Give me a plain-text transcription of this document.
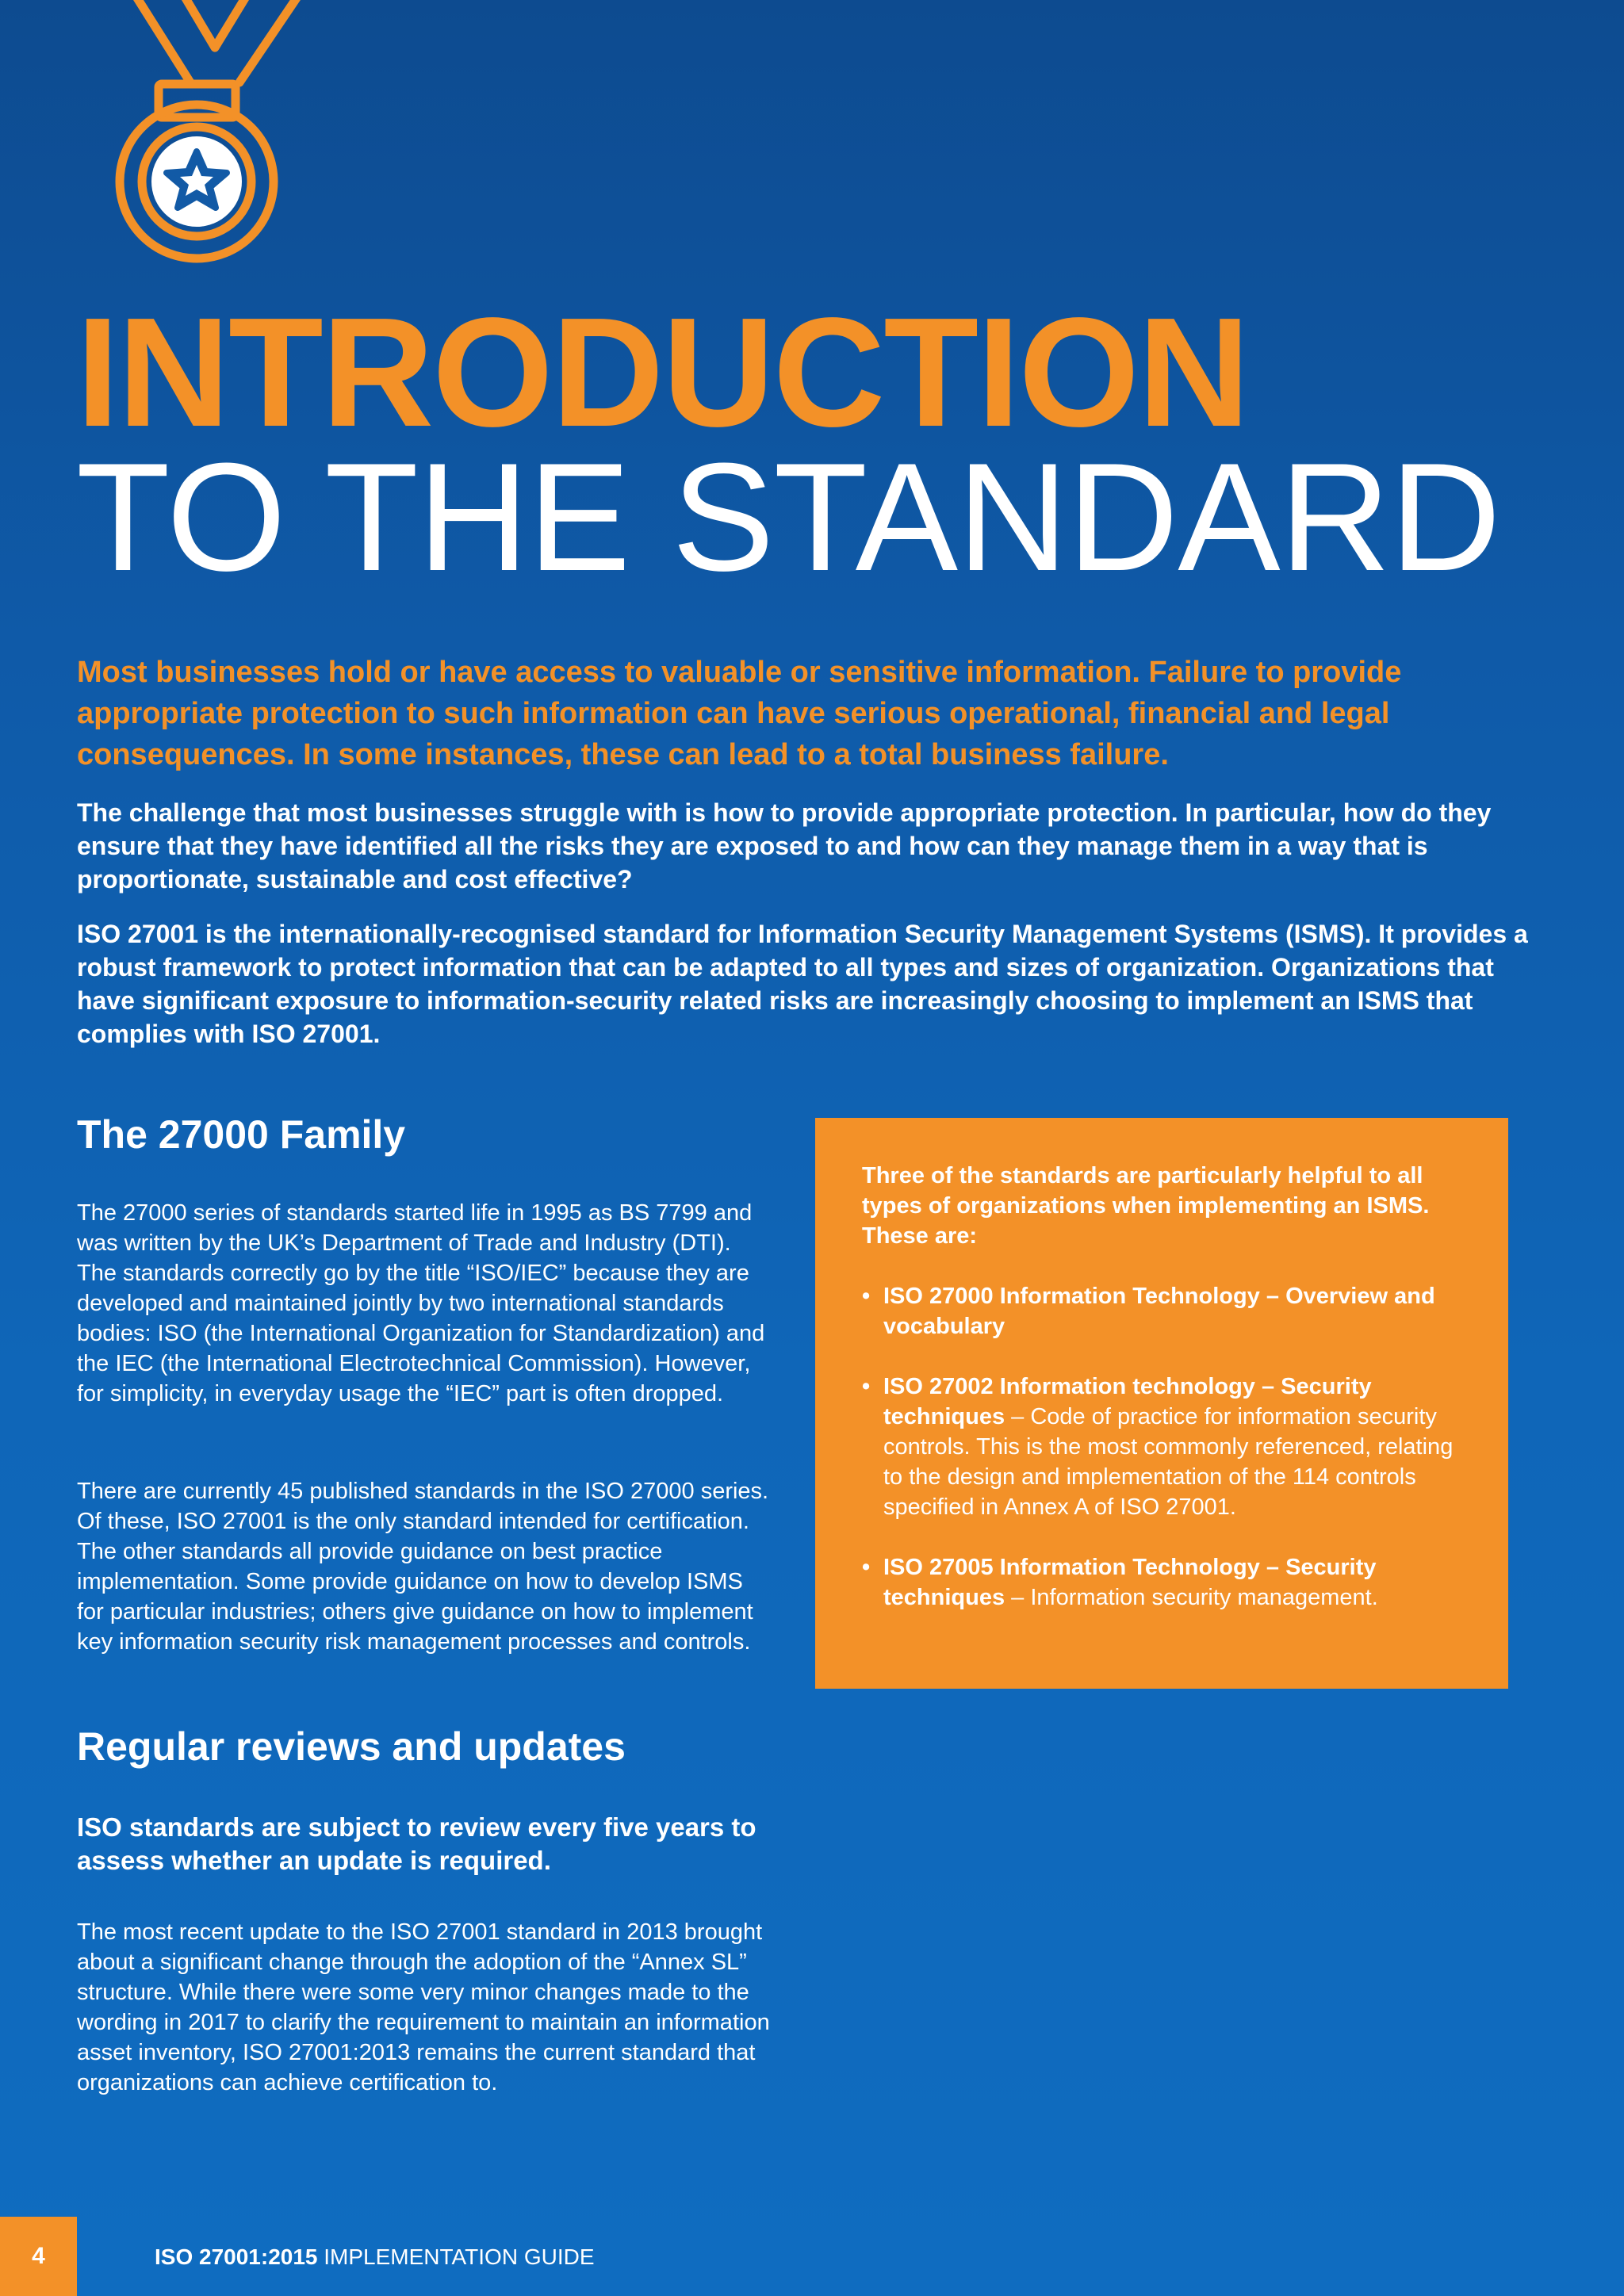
INTRODUCTION
TO THE STANDARD

Most businesses hold or have access to valuable or sensitive information. Failure to provide appropriate protection to such information can have serious operational, financial and legal consequences. In some instances, these can lead to a total business failure.

The challenge that most businesses struggle with is how to provide appropriate protection. In particular, how do they ensure that they have identified all the risks they are exposed to and how can they manage them in a way that is proportionate, sustainable and cost effective?

ISO 27001 is the internationally-recognised standard for Information Security Management Systems (ISMS). It provides a robust framework to protect information that can be adapted to all types and sizes of organization. Organizations that have significant exposure to information-security related risks are increasingly choosing to implement an ISMS that complies with ISO 27001.

The 27000 Family

The 27000 series of standards started life in 1995 as BS 7799 and was written by the UK’s Department of Trade and Industry (DTI). The standards correctly go by the title “ISO/IEC” because they are developed and maintained jointly by two international standards bodies: ISO (the International Organization for Standardization) and the IEC (the International Electrotechnical Commission). However, for simplicity, in everyday usage the “IEC” part is often dropped.

There are currently 45 published standards in the ISO 27000 series. Of these, ISO 27001 is the only standard intended for certification. The other standards all provide guidance on best practice implementation. Some provide guidance on how to develop ISMS for particular industries; others give guidance on how to implement key information security risk management processes and controls.

Three of the standards are particularly helpful to all types of organizations when implementing an ISMS. These are:

• ISO 27000 Information Technology – Overview and vocabulary
• ISO 27002 Information technology – Security techniques – Code of practice for information security controls. This is the most commonly referenced, relating to the design and implementation of the 114 controls specified in Annex A of ISO 27001.
• ISO 27005 Information Technology – Security techniques – Information security management.
Regular reviews and updates

ISO standards are subject to review every five years to assess whether an update is required.

The most recent update to the ISO 27001 standard in 2013 brought about a significant change through the adoption of the “Annex SL” structure. While there were some very minor changes made to the wording in 2017 to clarify the requirement to maintain an information asset inventory, ISO 27001:2013 remains the current standard that organizations can achieve certification to.

4	ISO 27001:2015 IMPLEMENTATION GUIDE
